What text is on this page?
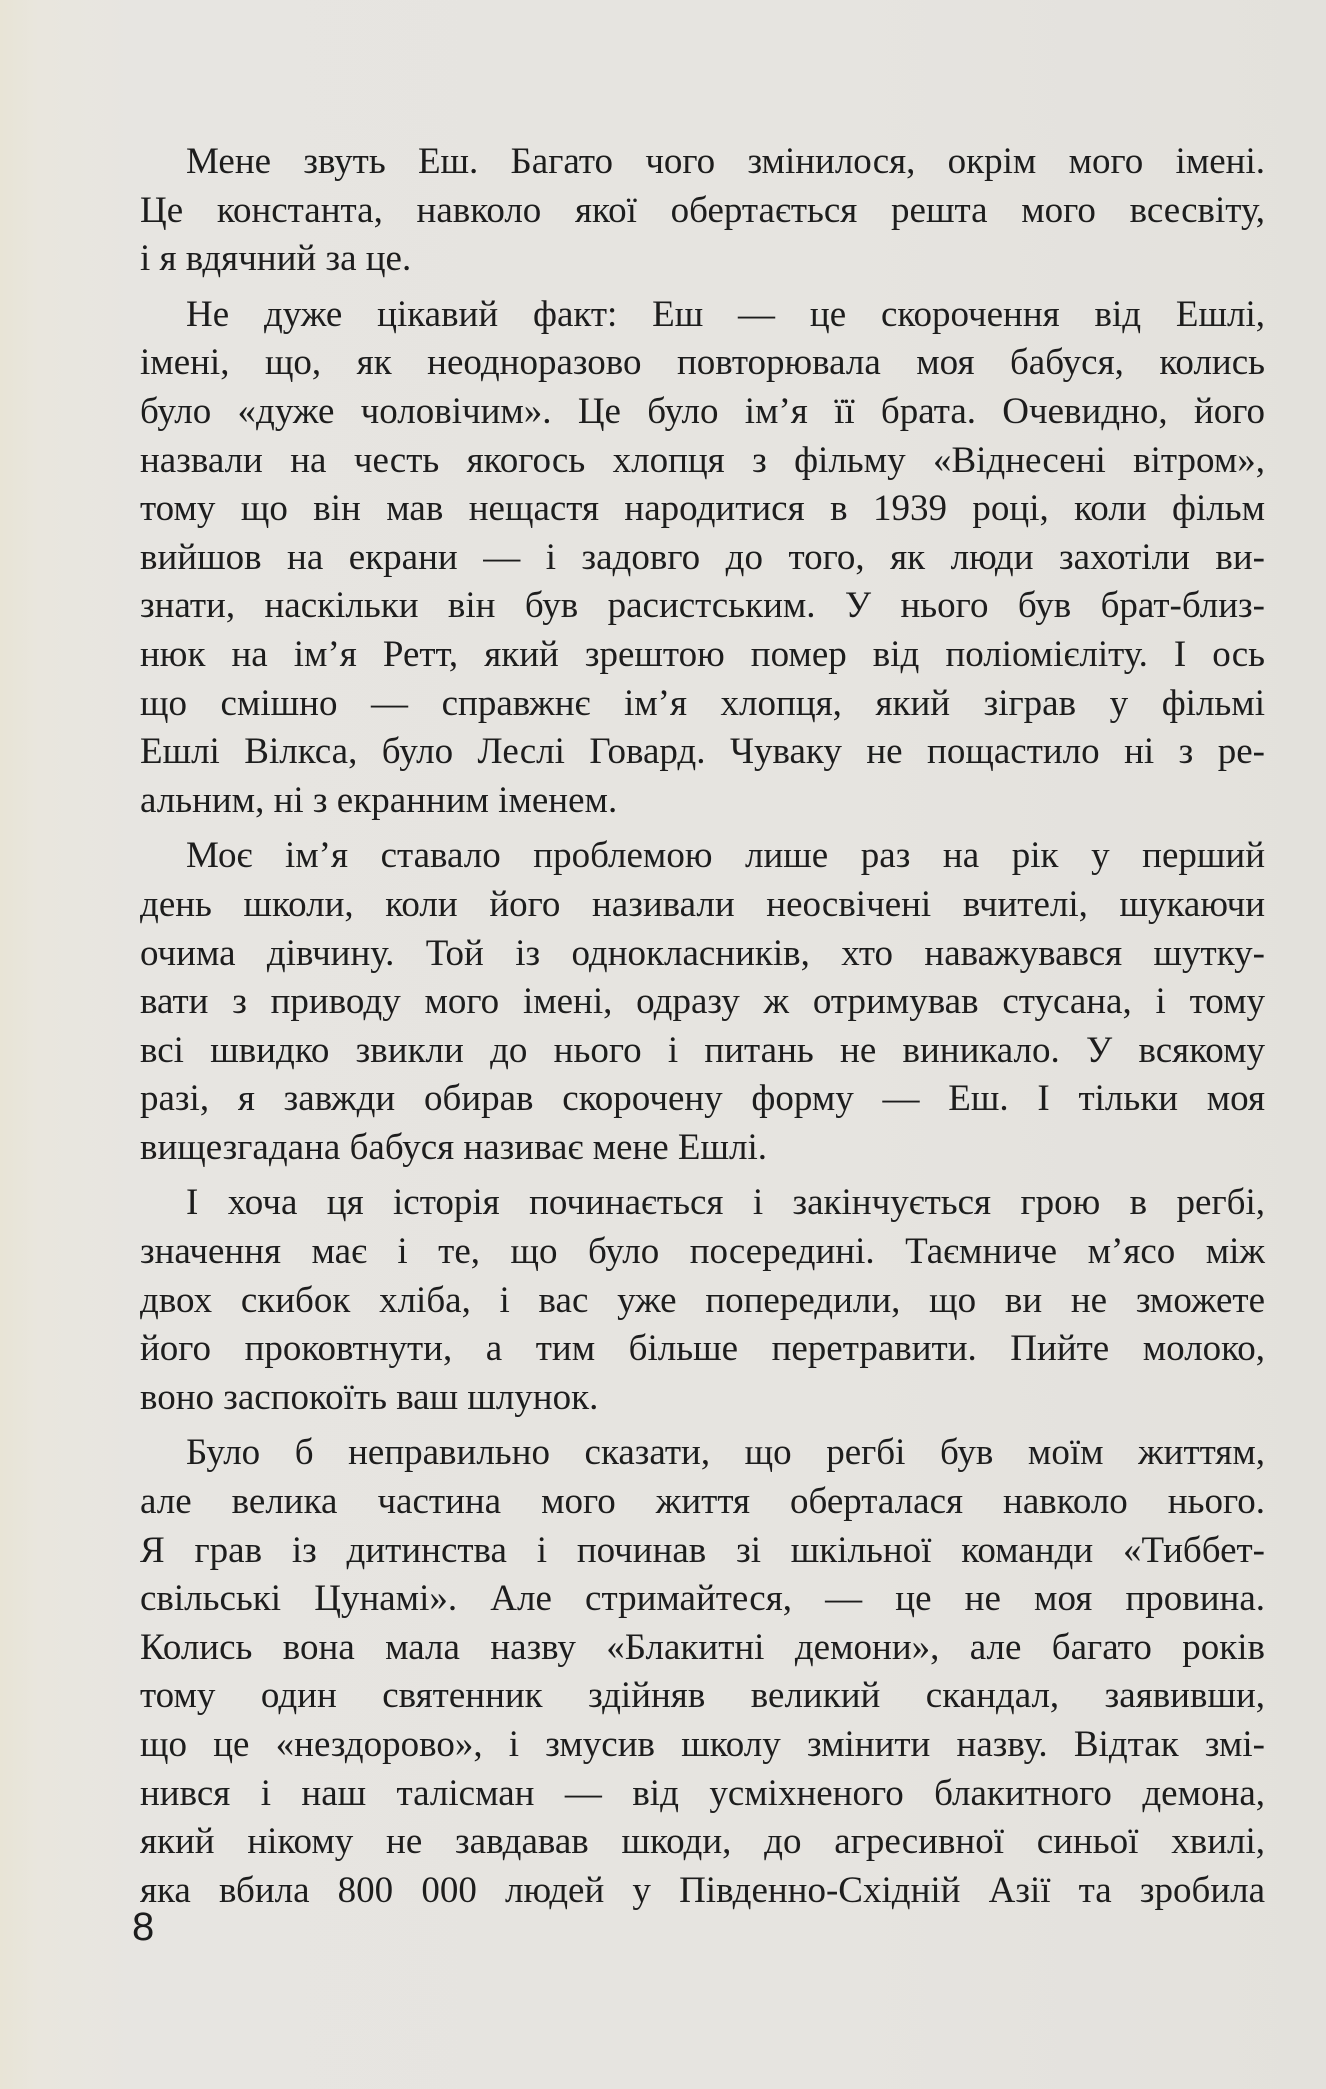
Мене звуть Еш. Багато чого змінилося, окрім мого імені.
Це константа, навколо якої обертається решта мого всесвіту,
і я вдячний за це.
Не дуже цікавий факт: Еш — це скорочення від Ешлі,
імені, що, як неодноразово повторювала моя бабуся, колись
було «дуже чоловічим». Це було ім’я її брата. Очевидно, його
назвали на честь якогось хлопця з фільму «Віднесені вітром»,
тому що він мав нещастя народитися в 1939 році, коли фільм
вийшов на екрани — і задовго до того, як люди захотіли ви-
знати, наскільки він був расистським. У нього був брат-близ-
нюк на ім’я Ретт, який зрештою помер від поліомієліту. І ось
що смішно — справжнє ім’я хлопця, який зіграв у фільмі
Ешлі Вілкса, було Леслі Говард. Чуваку не пощастило ні з ре-
альним, ні з екранним іменем.
Моє ім’я ставало проблемою лише раз на рік у перший
день школи, коли його називали неосвічені вчителі, шукаючи
очима дівчину. Той із однокласників, хто наважувався шутку-
вати з приводу мого імені, одразу ж отримував стусана, і тому
всі швидко звикли до нього і питань не виникало. У всякому
разі, я завжди обирав скорочену форму — Еш. І тільки моя
вищезгадана бабуся називає мене Ешлі.
І хоча ця історія починається і закінчується грою в регбі,
значення має і те, що було посередині. Таємниче м’ясо між
двох скибок хліба, і вас уже попередили, що ви не зможете
його проковтнути, а тим більше перетравити. Пийте молоко,
воно заспокоїть ваш шлунок.
Було б неправильно сказати, що регбі був моїм життям,
але велика частина мого життя оберталася навколо нього.
Я грав із дитинства і починав зі шкільної команди «Тиббет-
свільські Цунамі». Але стримайтеся, — це не моя провина.
Колись вона мала назву «Блакитні демони», але багато років
тому один святенник здійняв великий скандал, заявивши,
що це «нездорово», і змусив школу змінити назву. Відтак змі-
нився і наш талісман — від усміхненого блакитного демона,
який нікому не завдавав шкоди, до агресивної синьої хвилі,
яка вбила 800 000 людей у Південно-Східній Азії та зробила
8
